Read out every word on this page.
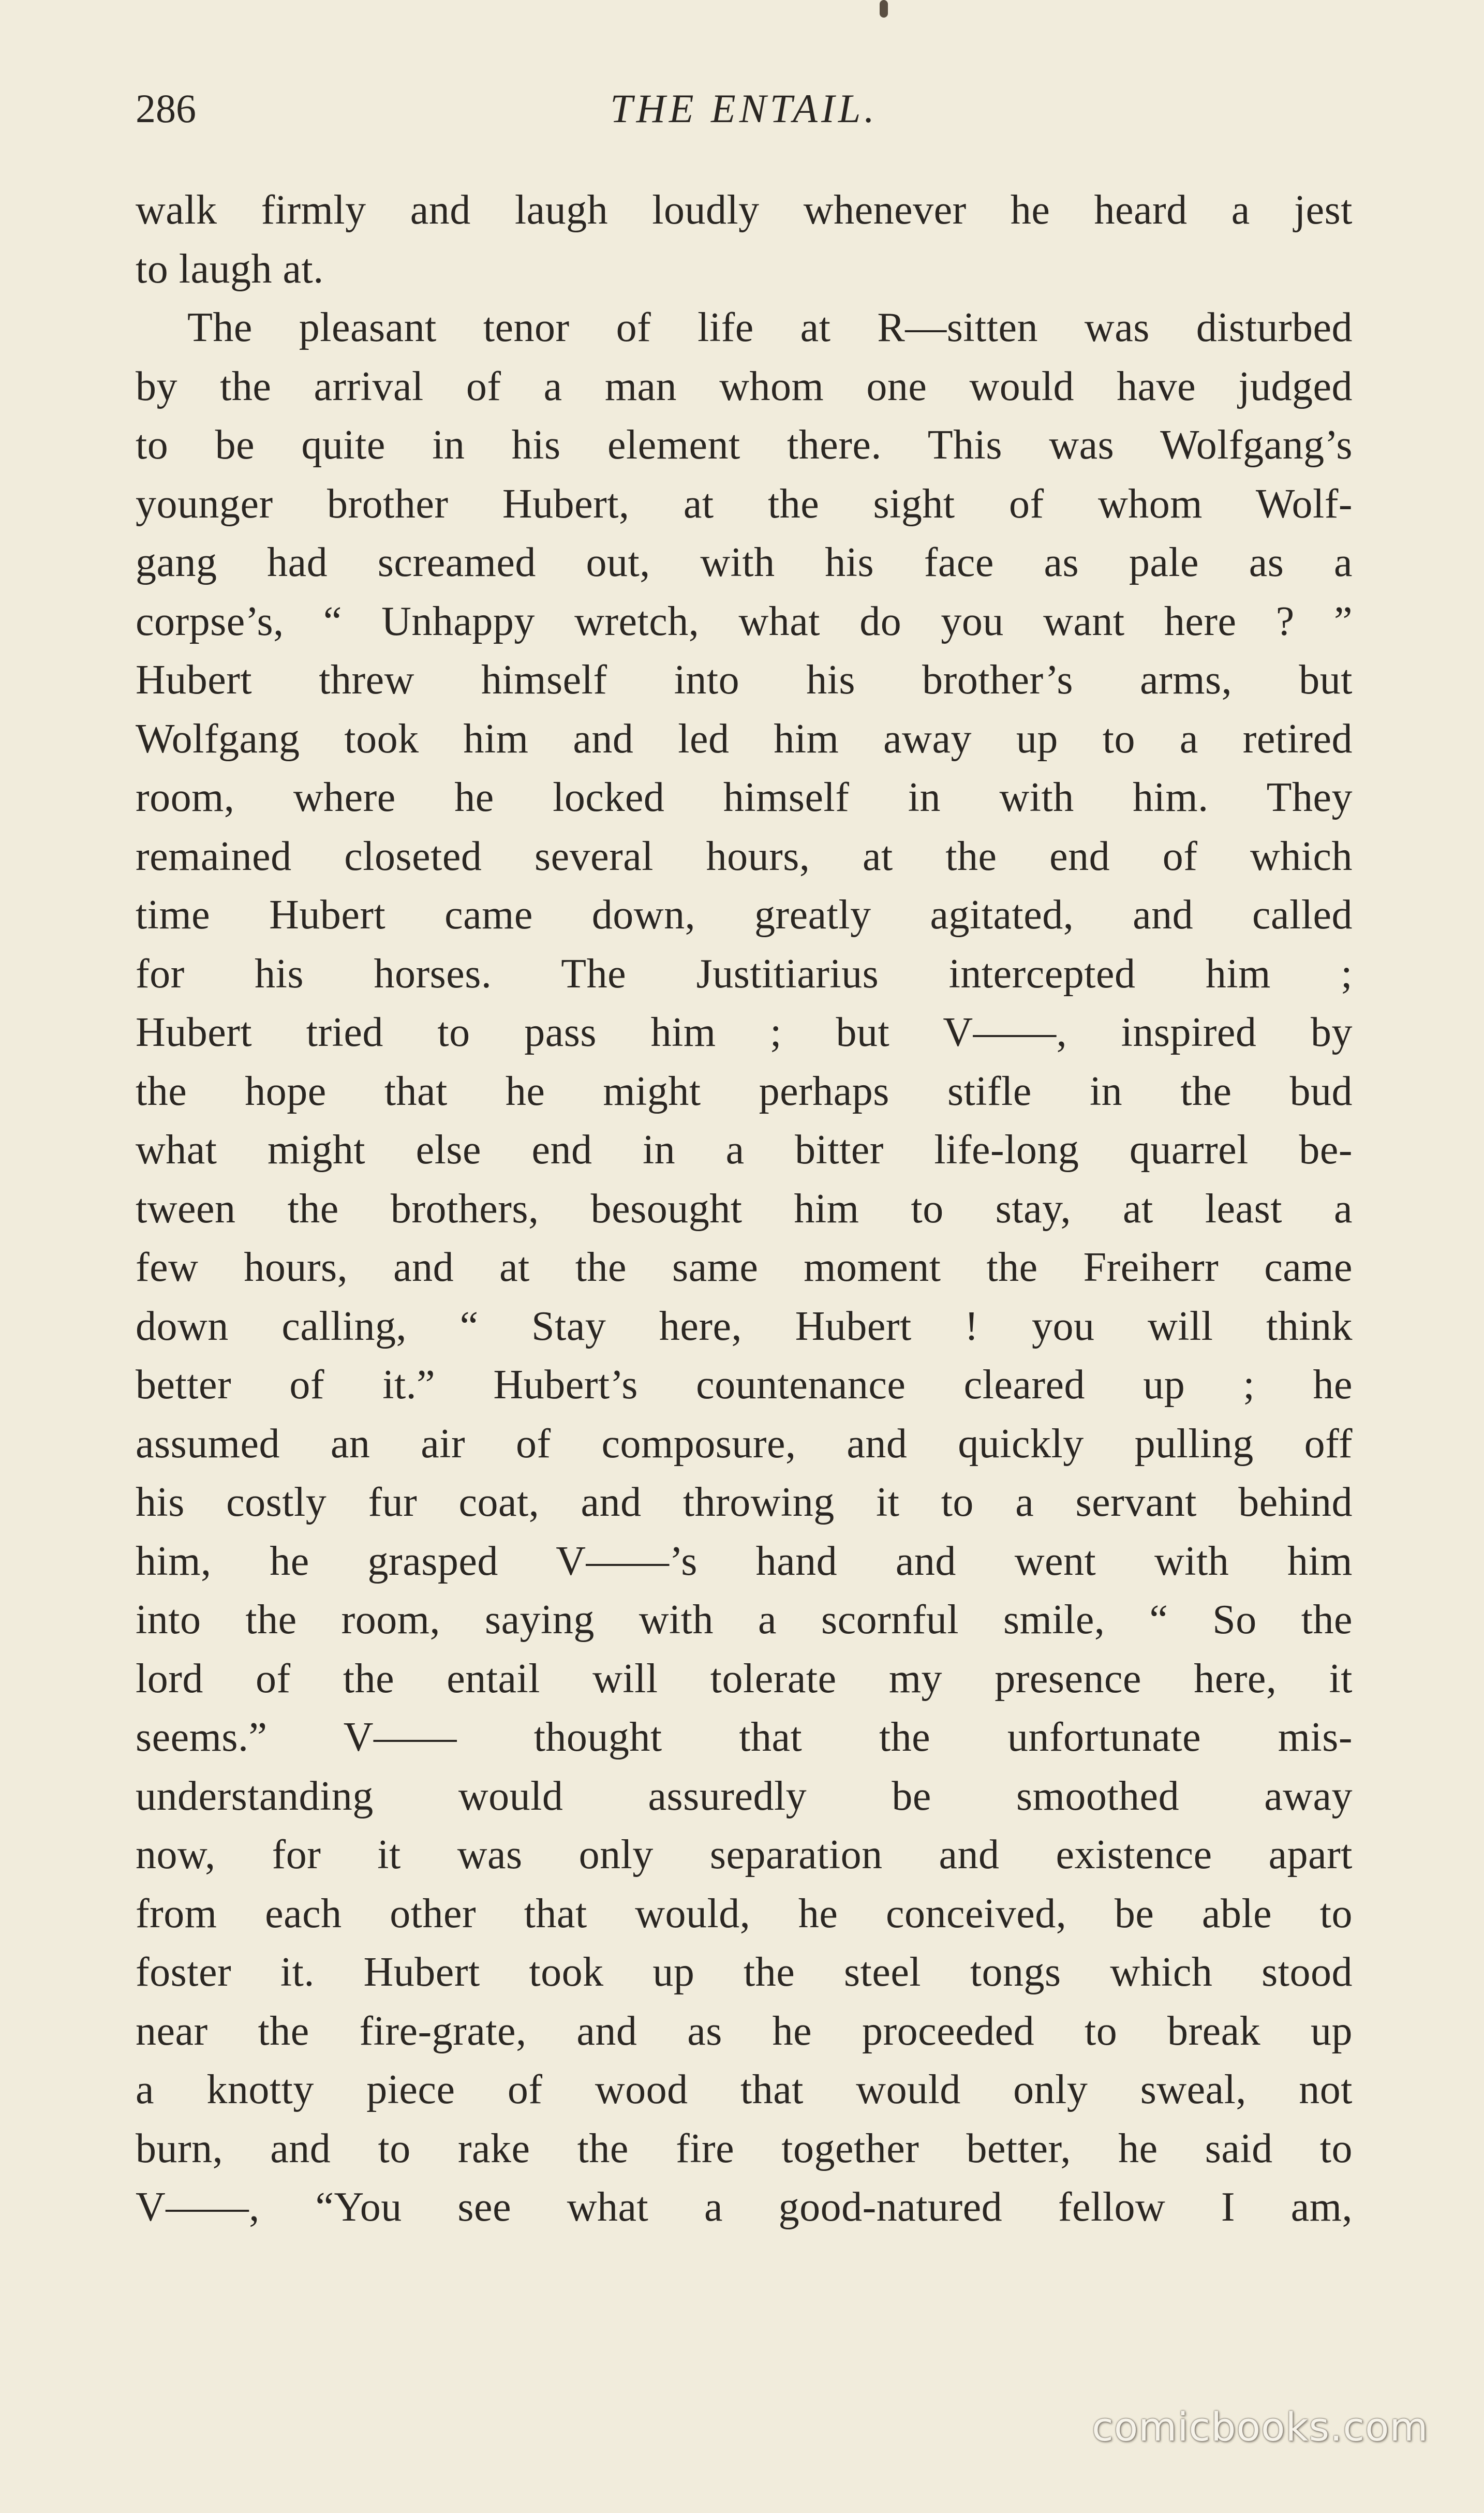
286	THE ENTAIL.
walk firmly and laugh loudly whenever he heard a jest
to laugh at.
The pleasant tenor of life at R—sitten was disturbed
by the arrival of a man whom one would have judged
to be quite in his element there. This was Wolfgang’s
younger brother Hubert, at the sight of whom Wolf-
gang had screamed out, with his face as pale as a
corpse’s, “ Unhappy wretch, what do you want here ? ”
Hubert threw himself into his brother’s arms, but
Wolfgang took him and led him away up to a retired
room, where he locked himself in with him. They
remained closeted several hours, at the end of which
time Hubert came down, greatly agitated, and called
for his horses. The Justitiarius intercepted him ;
Hubert tried to pass him ; but V——, inspired by
the hope that he might perhaps stifle in the bud
what might else end in a bitter life-long quarrel be-
tween the brothers, besought him to stay, at least a
few hours, and at the same moment the Freiherr came
down calling, “ Stay here, Hubert ! you will think
better of it.” Hubert’s countenance cleared up ; he
assumed an air of composure, and quickly pulling off
his costly fur coat, and throwing it to a servant behind
him, he grasped V——’s hand and went with him
into the room, saying with a scornful smile, “ So the
lord of the entail will tolerate my presence here, it
seems.” V—— thought that the unfortunate mis-
understanding would assuredly be smoothed away
now, for it was only separation and existence apart
from each other that would, he conceived, be able to
foster it. Hubert took up the steel tongs which stood
near the fire-grate, and as he proceeded to break up
a knotty piece of wood that would only sweal, not
burn, and to rake the fire together better, he said to
V——, “You see what a good-natured fellow I am,
comicbooks.com
